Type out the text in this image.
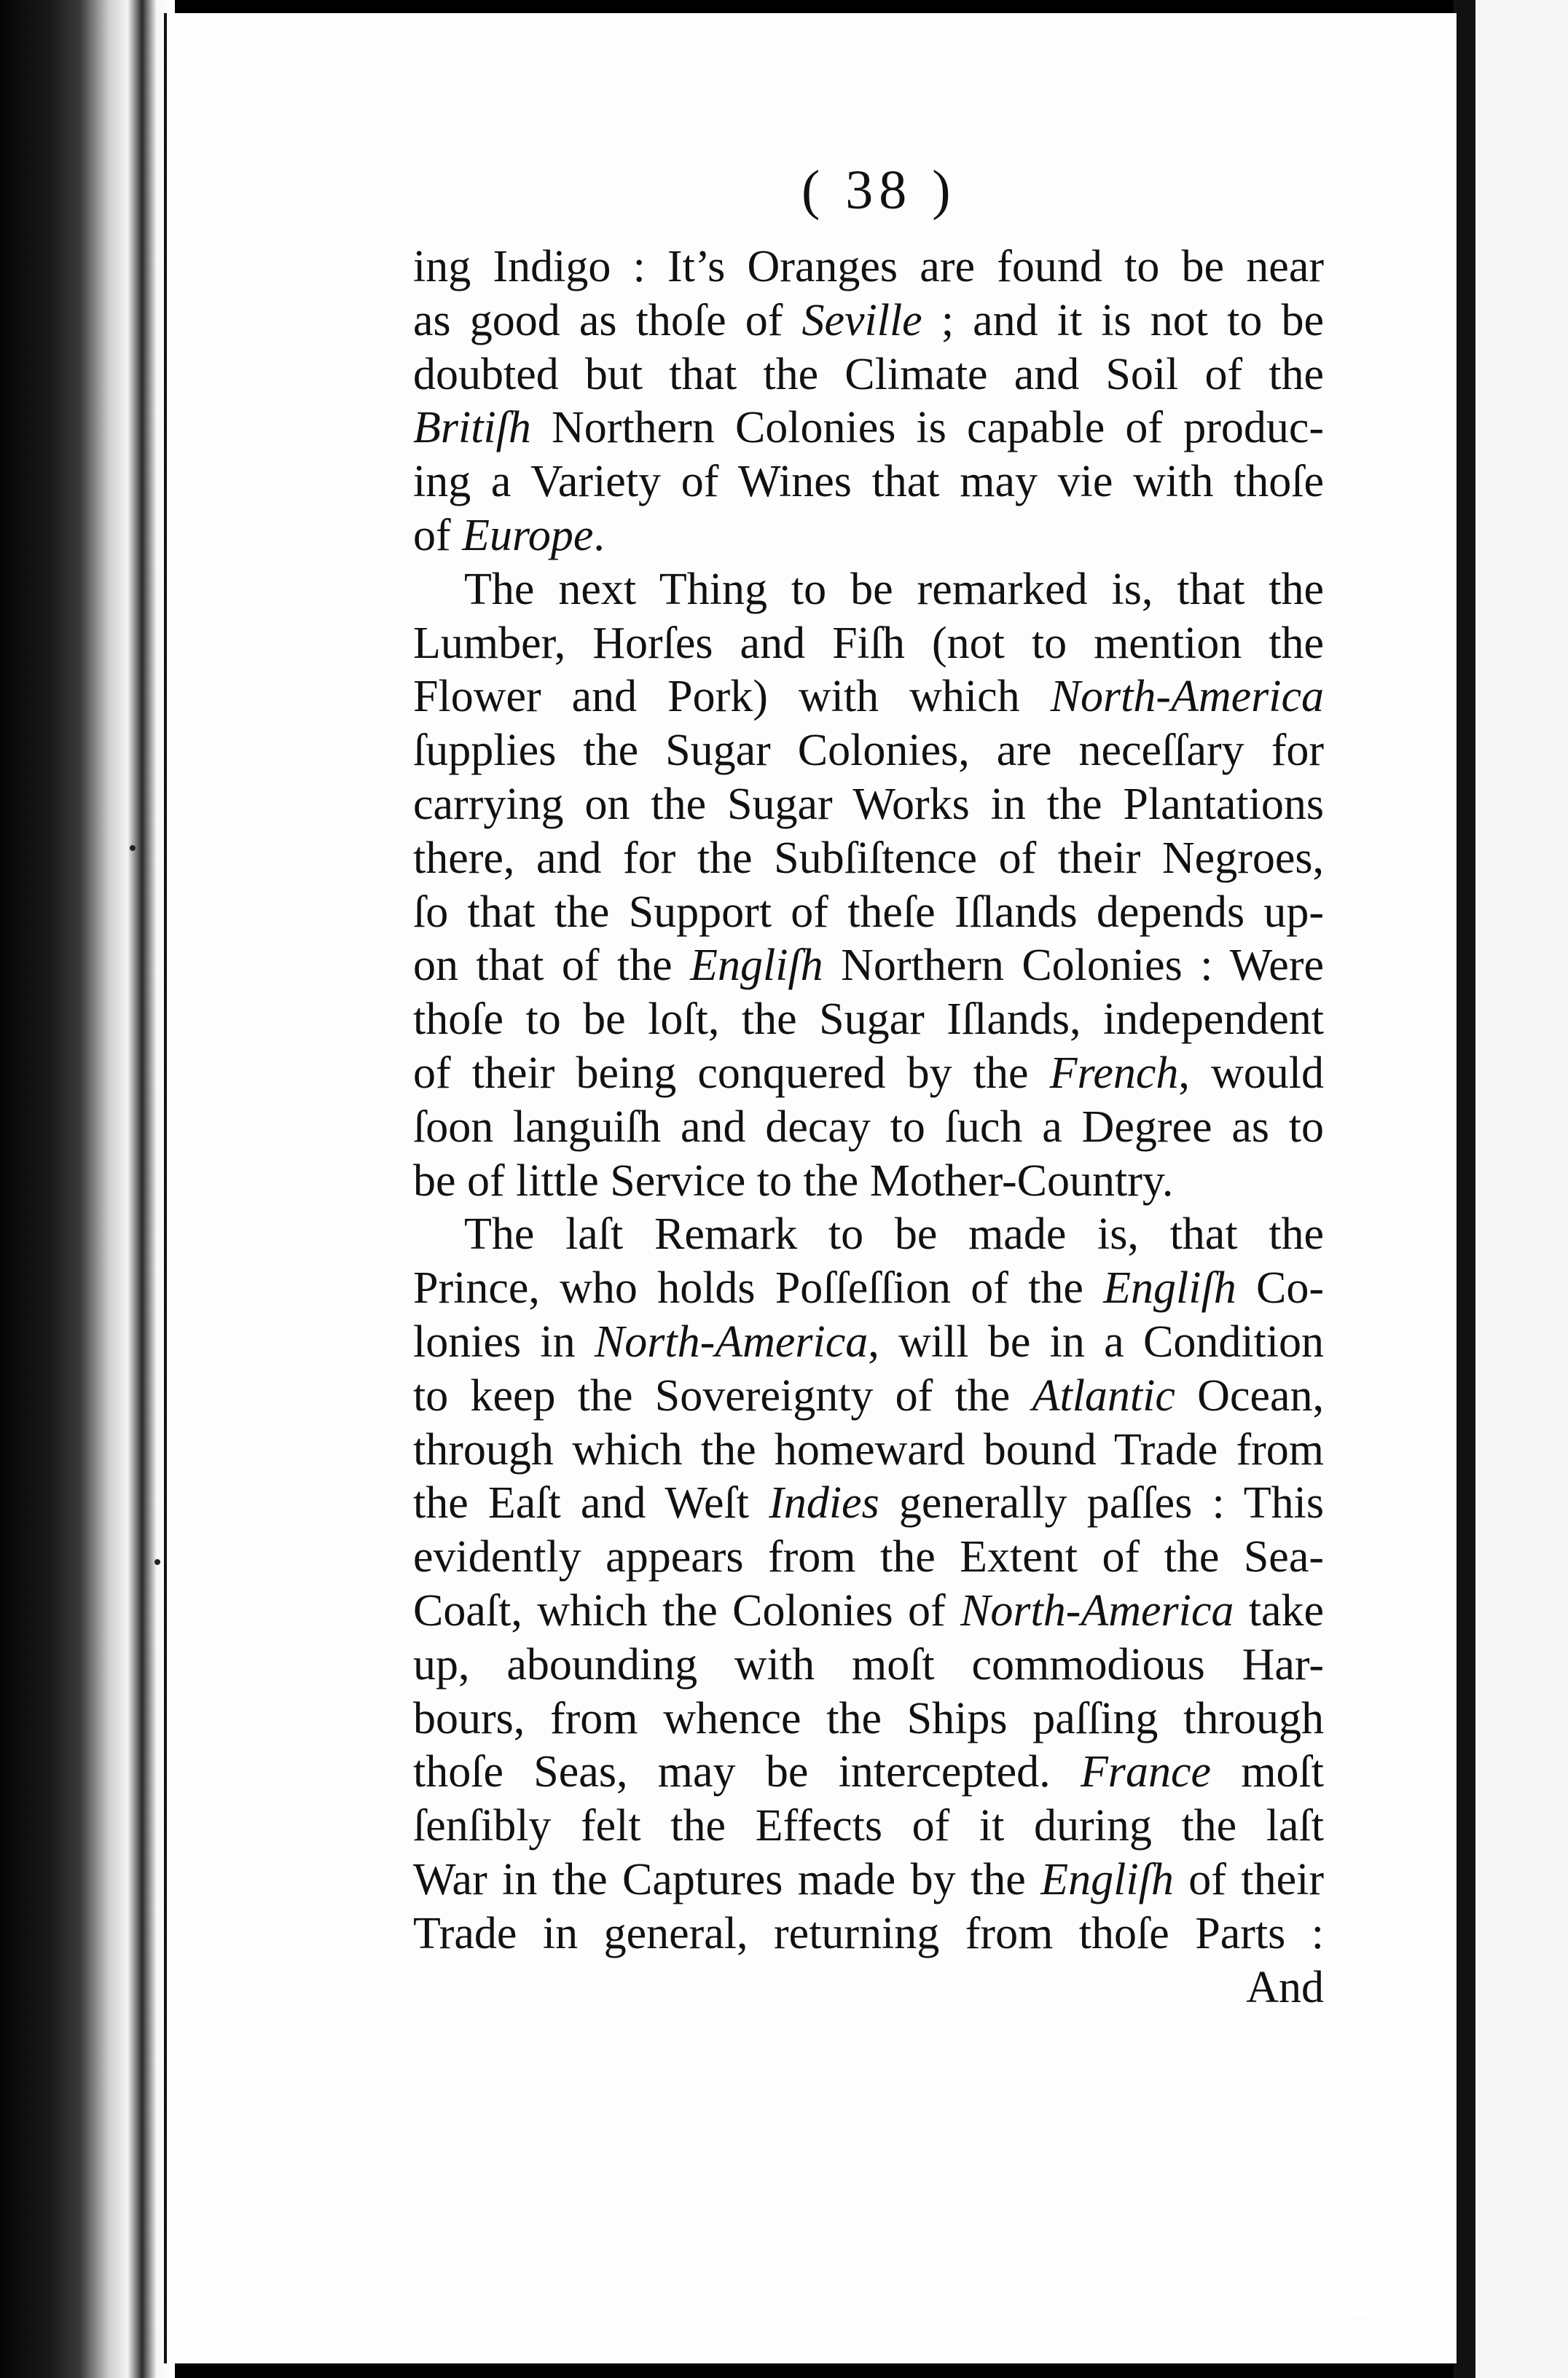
( 38 )
ing Indigo : It’s Oranges are found to be near
as good as thoſe of Seville ; and it is not to be
doubted but that the Climate and Soil of the
Britiſh Northern Colonies is capable of produc-
ing a Variety of Wines that may vie with thoſe
of Europe.
The next Thing to be remarked is, that the
Lumber, Horſes and Fiſh (not to mention the
Flower and Pork) with which North-America
ſupplies the Sugar Colonies, are neceſſary for
carrying on the Sugar Works in the Plantations
there, and for the Subſiſtence of their Negroes,
ſo that the Support of theſe Iſlands depends up-
on that of the Engliſh Northern Colonies : Were
thoſe to be loſt, the Sugar Iſlands, independent
of their being conquered by the French, would
ſoon languiſh and decay to ſuch a Degree as to
be of little Service to the Mother-Country.
The laſt Remark to be made is, that the
Prince, who holds Poſſeſſion of the Engliſh Co-
lonies in North-America, will be in a Condition
to keep the Sovereignty of the Atlantic Ocean,
through which the homeward bound Trade from
the Eaſt and Weſt Indies generally paſſes : This
evidently appears from the Extent of the Sea-
Coaſt, which the Colonies of North-America take
up, abounding with moſt commodious Har-
bours, from whence the Ships paſſing through
thoſe Seas, may be intercepted. France moſt
ſenſibly felt the Effects of it during the laſt
War in the Captures made by the Engliſh of their
Trade in general, returning from thoſe Parts :
And
